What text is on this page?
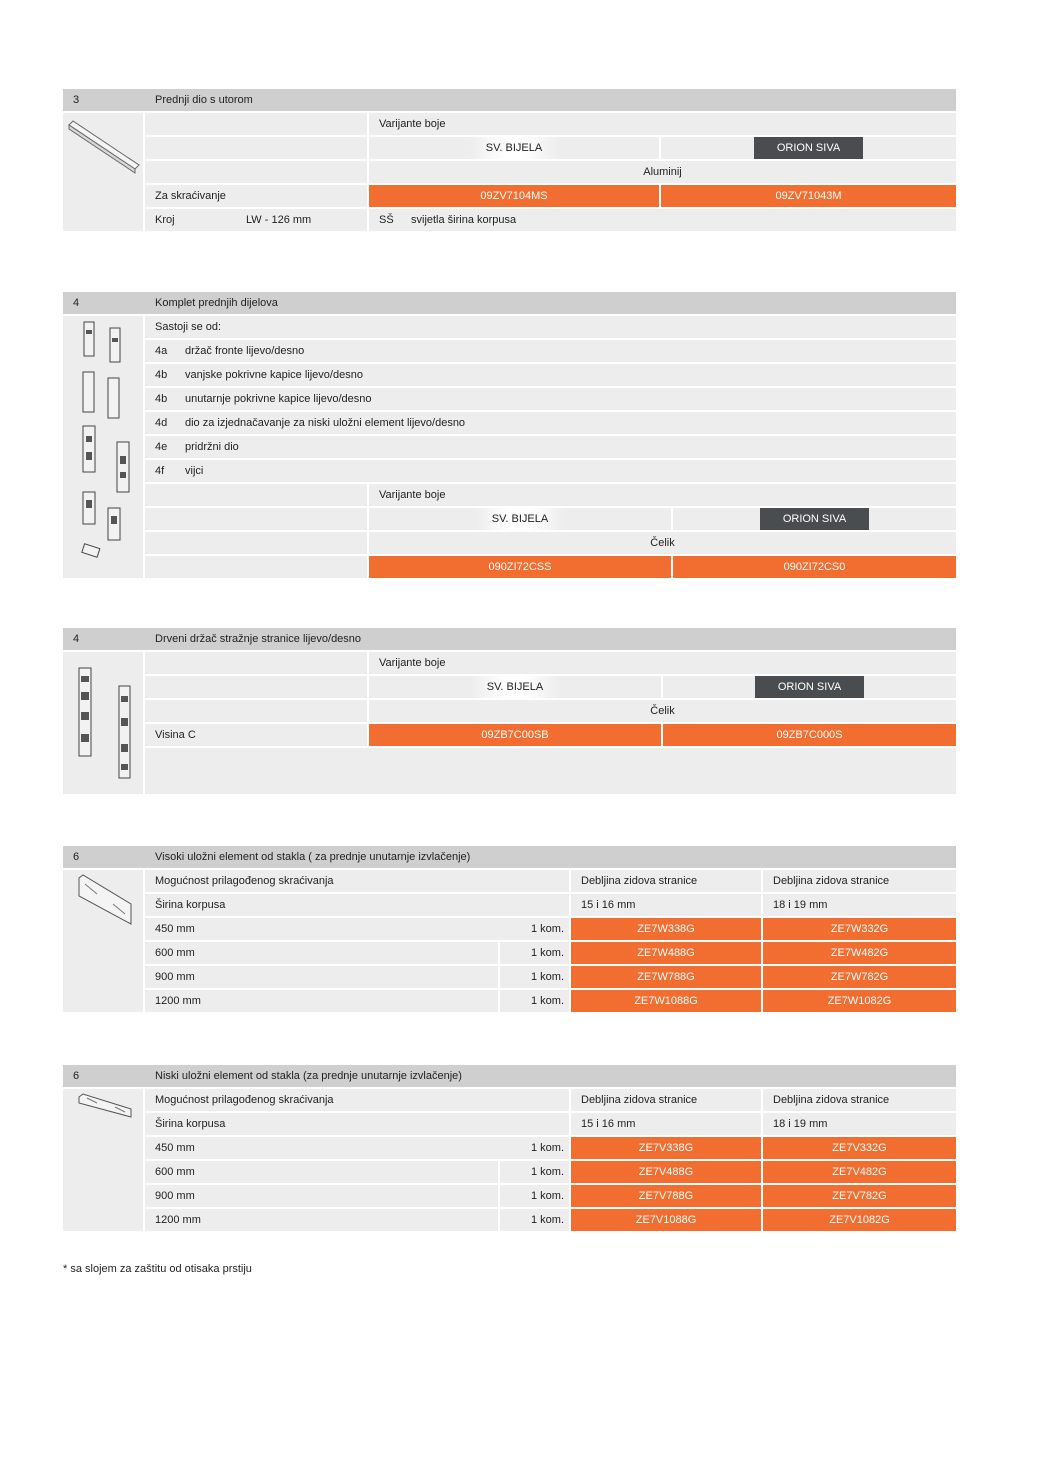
3	Prednji dio s utorom
Varijante boje
SV. BIJELA	ORION SIVA
Aluminij
Za skraćivanje	09ZV7104MS	09ZV71043M
Kroj	LW - 126 mm	SŠ svijetla širina korpusa
4	Komplet prednjih dijelova
Sastoji se od:
4a držač fronte lijevo/desno
4b vanjske pokrivne kapice lijevo/desno
4b unutarnje pokrivne kapice lijevo/desno
4d dio za izjednačavanje za niski uložni element lijevo/desno
4e pridržni dio
4f vijci
Varijante boje
SV. BIJELA	ORION SIVA
Čelik
090ZI72CSS	090ZI72CS0
4	Drveni držač stražnje stranice lijevo/desno
Varijante boje
SV. BIJELA	ORION SIVA
Čelik
Visina C	09ZB7C00SB	09ZB7C000S
6	Visoki uložni element od stakla ( za prednje unutarnje izvlačenje)
Mogućnost prilagođenog skraćivanja	Debljina zidova stranice	Debljina zidova stranice
Širina korpusa	15 i 16 mm	18 i 19 mm
450 mm	1 kom.	ZE7W338G	ZE7W332G
600 mm	1 kom.	ZE7W488G	ZE7W482G
900 mm	1 kom.	ZE7W788G	ZE7W782G
1200 mm	1 kom.	ZE7W1088G	ZE7W1082G
6	Niski uložni element od stakla (za prednje unutarnje izvlačenje)
Mogućnost prilagođenog skraćivanja	Debljina zidova stranice	Debljina zidova stranice
Širina korpusa	15 i 16 mm	18 i 19 mm
450 mm	1 kom.	ZE7V338G	ZE7V332G
600 mm	1 kom.	ZE7V488G	ZE7V482G
900 mm	1 kom.	ZE7V788G	ZE7V782G
1200 mm	1 kom.	ZE7V1088G	ZE7V1082G
* sa slojem za zaštitu od otisaka prstiju
